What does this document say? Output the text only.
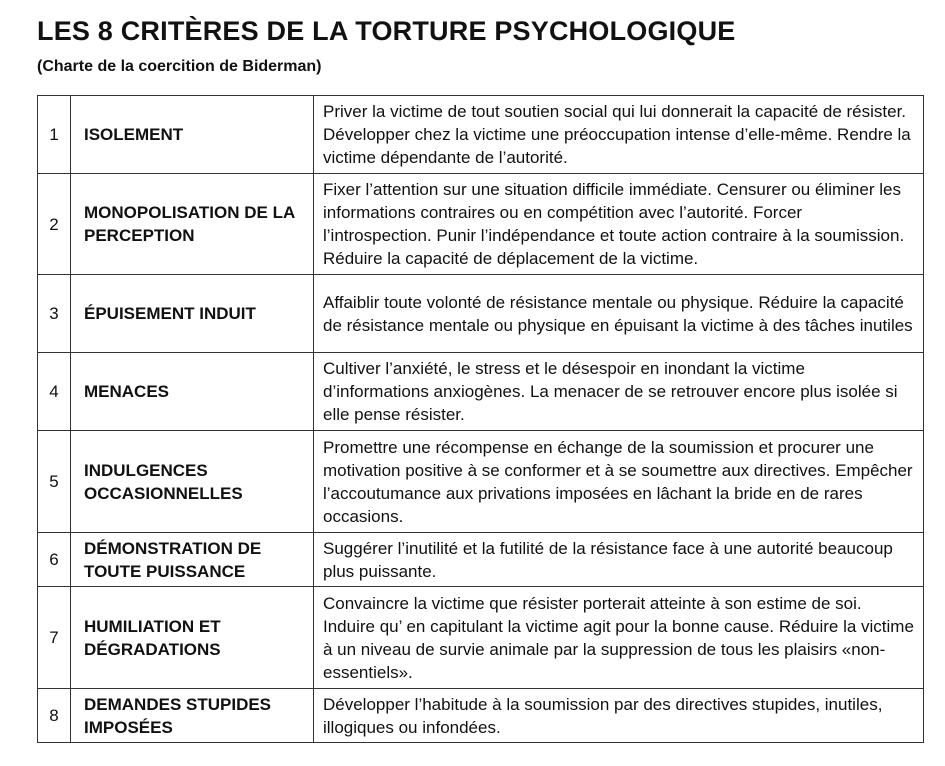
LES 8 CRITÈRES DE LA TORTURE PSYCHOLOGIQUE

(Charte de la coercition de Biderman)

1	ISOLEMENT	Priver la victime de tout soutien social qui lui donnerait la capacité de résister. Développer chez la victime une préoccupation intense d’elle-même. Rendre la victime dépendante de l’autorité.
2	MONOPOLISATION DE LA PERCEPTION	Fixer l’attention sur une situation difficile immédiate. Censurer ou éliminer les informations contraires ou en compétition avec l’autorité. Forcer l’introspection. Punir l’indépendance et toute action contraire à la soumission. Réduire la capacité de déplacement de la victime.
3	ÉPUISEMENT INDUIT	Affaiblir toute volonté de résistance mentale ou physique. Réduire la capacité de résistance mentale ou physique en épuisant la victime à des tâches inutiles
4	MENACES	Cultiver l’anxiété, le stress et le désespoir en inondant la victime d’informations anxiogènes. La menacer de se retrouver encore plus isolée si elle pense résister.
5	INDULGENCES OCCASIONNELLES	Promettre une récompense en échange de la soumission et procurer une motivation positive à se conformer et à se soumettre aux directives. Empêcher l’accoutumance aux privations imposées en lâchant la bride en de rares occasions.
6	DÉMONSTRATION DE TOUTE PUISSANCE	Suggérer l’inutilité et la futilité de la résistance face à une autorité beaucoup plus puissante.
7	HUMILIATION ET DÉGRADATIONS	Convaincre la victime que résister porterait atteinte à son estime de soi. Induire qu’ en capitulant la victime agit pour la bonne cause. Réduire la victime à un niveau de survie animale par la suppression de tous les plaisirs «non-essentiels».
8	DEMANDES STUPIDES IMPOSÉES	Développer l’habitude à la soumission par des directives stupides, inutiles, illogiques ou infondées.
